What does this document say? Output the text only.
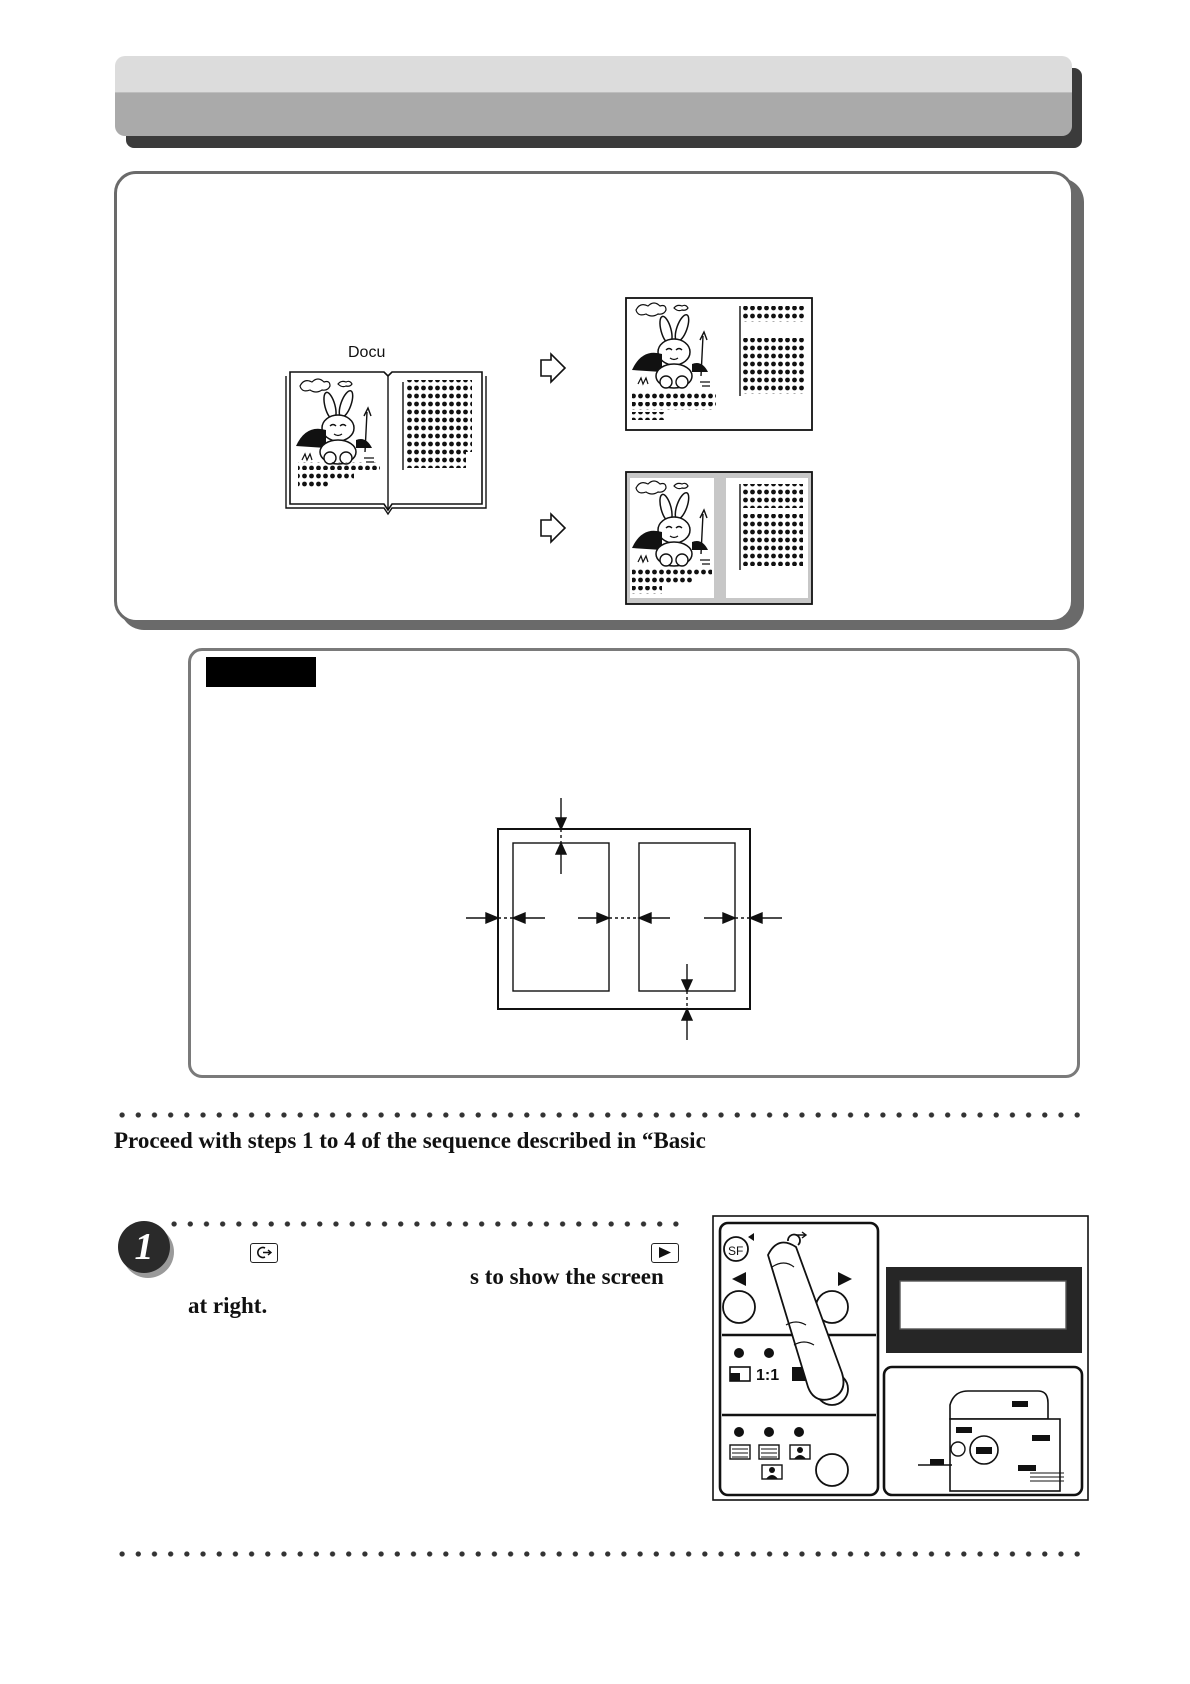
Docu
Proceed with steps 1 to 4 of the sequence described in “Basic
1
s to show the screen
at right.
SF
1:1
